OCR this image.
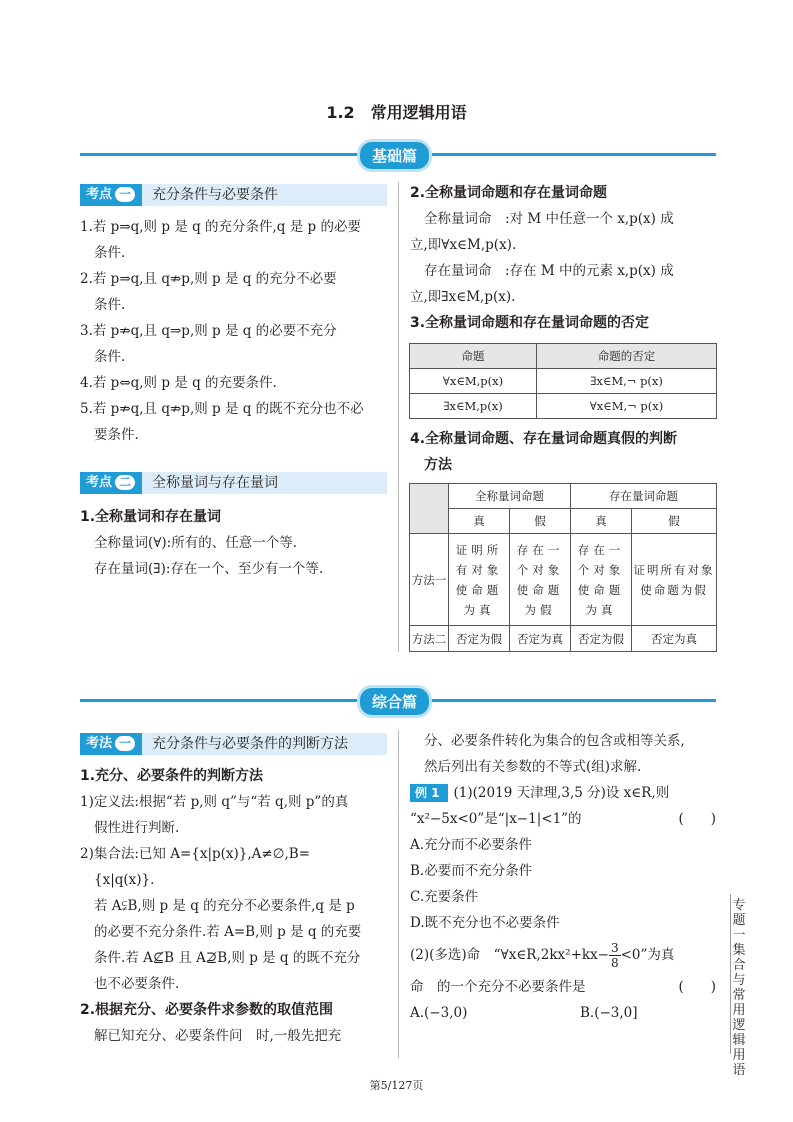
1.2　常用逻辑用语
基础篇
考点 一	充分条件与必要条件
1.若 p⇒q,则 p 是 q 的充分条件,q 是 p 的必要
条件.
2.若 p⇒q,且 q⇏p,则 p 是 q 的充分不必要
条件.
3.若 p⇏q,且 q⇒p,则 p 是 q 的必要不充分
条件.
4.若 p⇔q,则 p 是 q 的充要条件.
5.若 p⇏q,且 q⇏p,则 p 是 q 的既不充分也不必
要条件.
考点 二	全称量词与存在量词
1.全称量词和存在量词
全称量词(∀):所有的、任意一个等.
存在量词(∃):存在一个、至少有一个等.
2.全称量词命题和存在量词命题
全称量词命　:对 M 中任意一个 x,p(x) 成
立,即∀x∈M,p(x).
存在量词命　:存在 M 中的元素 x,p(x) 成
立,即∃x∈M,p(x).
3.全称量词命题和存在量词命题的否定
命题	命题的否定
∀x∈M,p(x)	∃x∈M,¬ p(x)
∃x∈M,p(x)	∀x∈M,¬ p(x)
4.全称量词命题、存在量词命题真假的判断
方法
	全称量词命题		存在量词命题	
	真	假	真	假
方法一	证明所有对象使命题为真	存在一个对象使命题为假	存在一个对象使命题为真	证明所有对象使命题为假
方法二	否定为假	否定为真	否定为假	否定为真
综合篇
考法 一	充分条件与必要条件的判断方法
1.充分、必要条件的判断方法
1)定义法:根据“若 p,则 q”与“若 q,则 p”的真
假性进行判断.
2)集合法:已知 A={x|p(x)},A≠∅,B=
{x|q(x)}.
若 A⫋B,则 p 是 q 的充分不必要条件,q 是 p
的必要不充分条件.若 A=B,则 p 是 q 的充要
条件.若 A⊈B 且 A⊉B,则 p 是 q 的既不充分
也不必要条件.
2.根据充分、必要条件求参数的取值范围
解已知充分、必要条件问　时,一般先把充
分、必要条件转化为集合的包含或相等关系,
然后列出有关参数的不等式(组)求解.
例 1 (1)(2019 天津理,3,5 分)设 x∈R,则
“x²−5x<0”是“|x−1|<1”的	(　　)
A.充分而不必要条件
B.必要而不充分条件
C.充要条件
D.既不充分也不必要条件
(2)(多选)命　“∀x∈R,2kx²+kx− $\frac{3}{8} <0$”为真
命　的一个充分不必要条件是	(　　)
A.(−3,0)	B.(−3,0]
专题一　集合与常用逻辑用语
第5/127页
